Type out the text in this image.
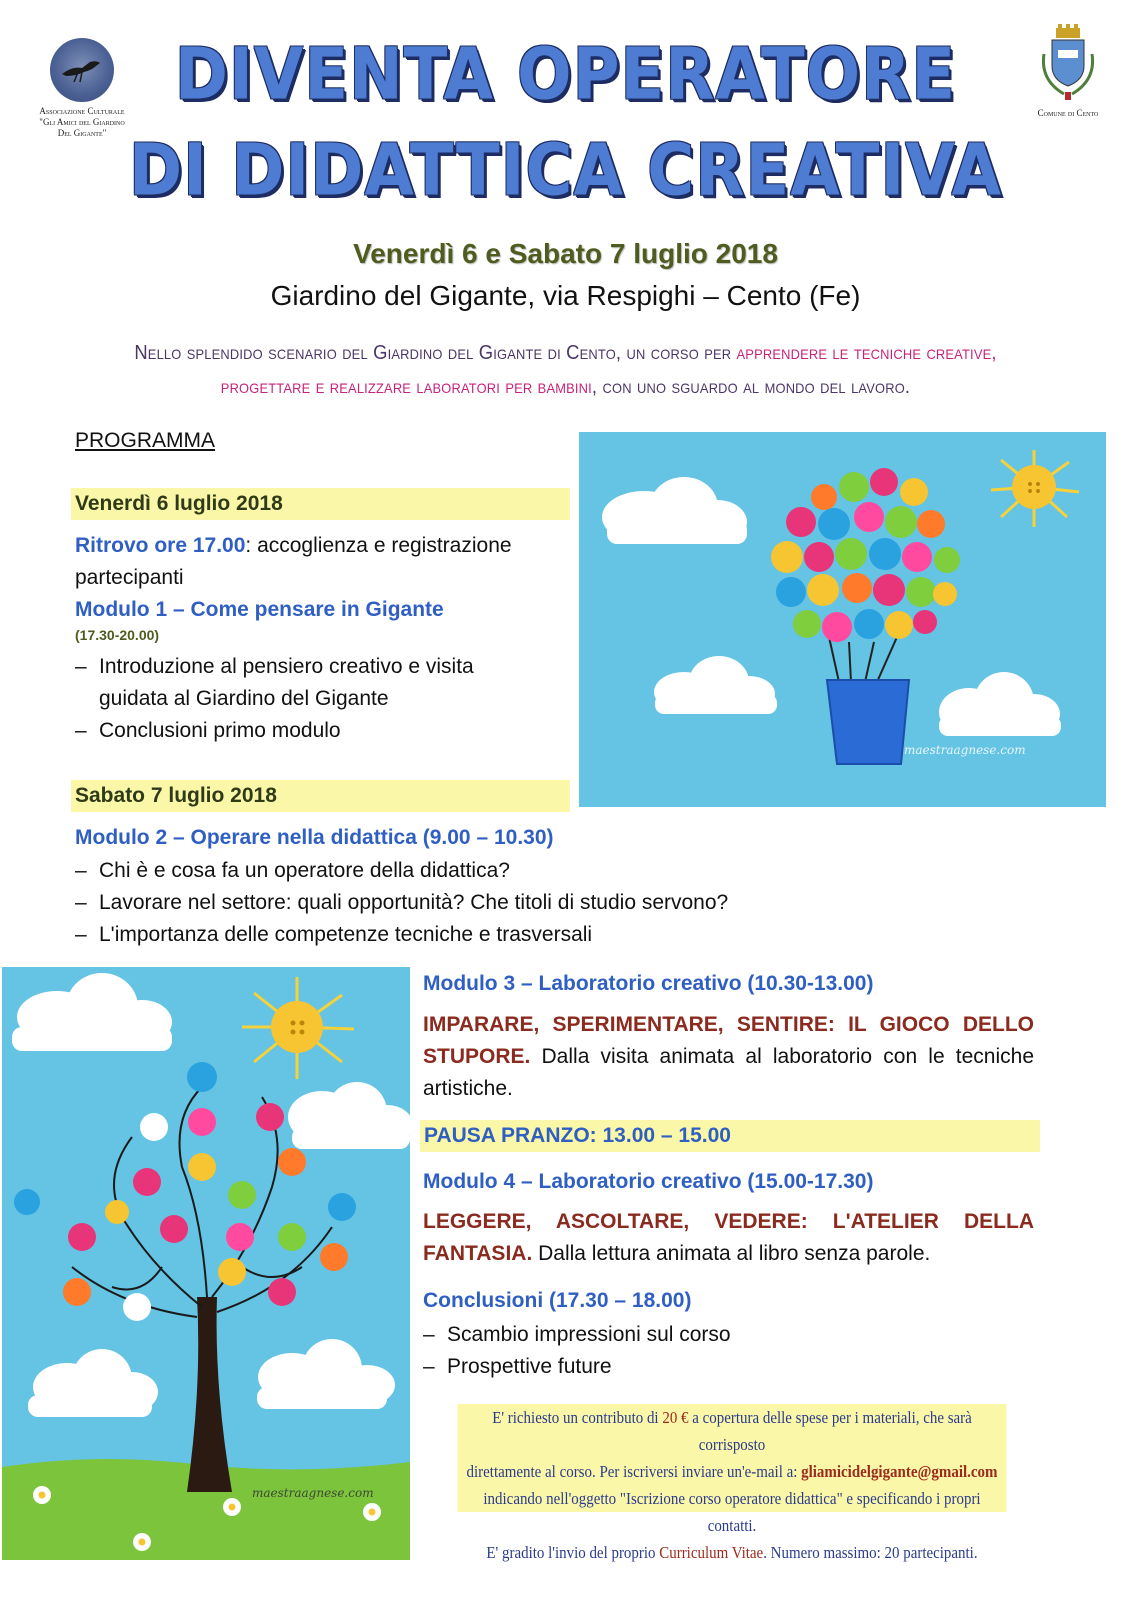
Associazione Culturale
"Gli Amici del Giardino
Del Gigante"
Comune di Cento
DIVENTA OPERATORE
DI DIDATTICA CREATIVA
Venerdì 6 e Sabato 7 luglio 2018
Giardino del Gigante, via Respighi – Cento (Fe)
Nello splendido scenario del Giardino del Gigante di Cento, un corso per apprendere le tecniche creative,
progettare e realizzare laboratori per bambini, con uno sguardo al mondo del lavoro.
PROGRAMMA
Venerdì 6 luglio 2018
Ritrovo ore 17.00: accoglienza e registrazione
partecipanti
Modulo 1 – Come pensare in Gigante
(17.30-20.00)
– Introduzione al pensiero creativo e visita
guidata al Giardino del Gigante
– Conclusioni primo modulo
maestraagnese.com
Sabato 7 luglio 2018
Modulo 2 – Operare nella didattica (9.00 – 10.30)
– Chi è e cosa fa un operatore della didattica?
– Lavorare nel settore: quali opportunità? Che titoli di studio servono?
– L'importanza delle competenze tecniche e trasversali
maestraagnese.com
Modulo 3 – Laboratorio creativo (10.30-13.00)
IMPARARE, SPERIMENTARE, SENTIRE: IL GIOCO DELLO STUPORE. Dalla visita animata al laboratorio con le tecniche artistiche.
PAUSA PRANZO: 13.00 – 15.00
Modulo 4 – Laboratorio creativo (15.00-17.30)
LEGGERE, ASCOLTARE, VEDERE: L'ATELIER DELLA FANTASIA. Dalla lettura animata al libro senza parole.
Conclusioni (17.30 – 18.00)
– Scambio impressioni sul corso
– Prospettive future
E' richiesto un contributo di 20 € a copertura delle spese per i materiali, che sarà corrisposto
direttamente al corso. Per iscriversi inviare un'e-mail a: gliamicidelgigante@gmail.com
indicando nell'oggetto "Iscrizione corso operatore didattica" e specificando i propri contatti.
E' gradito l'invio del proprio Curriculum Vitae. Numero massimo: 20 partecipanti.
